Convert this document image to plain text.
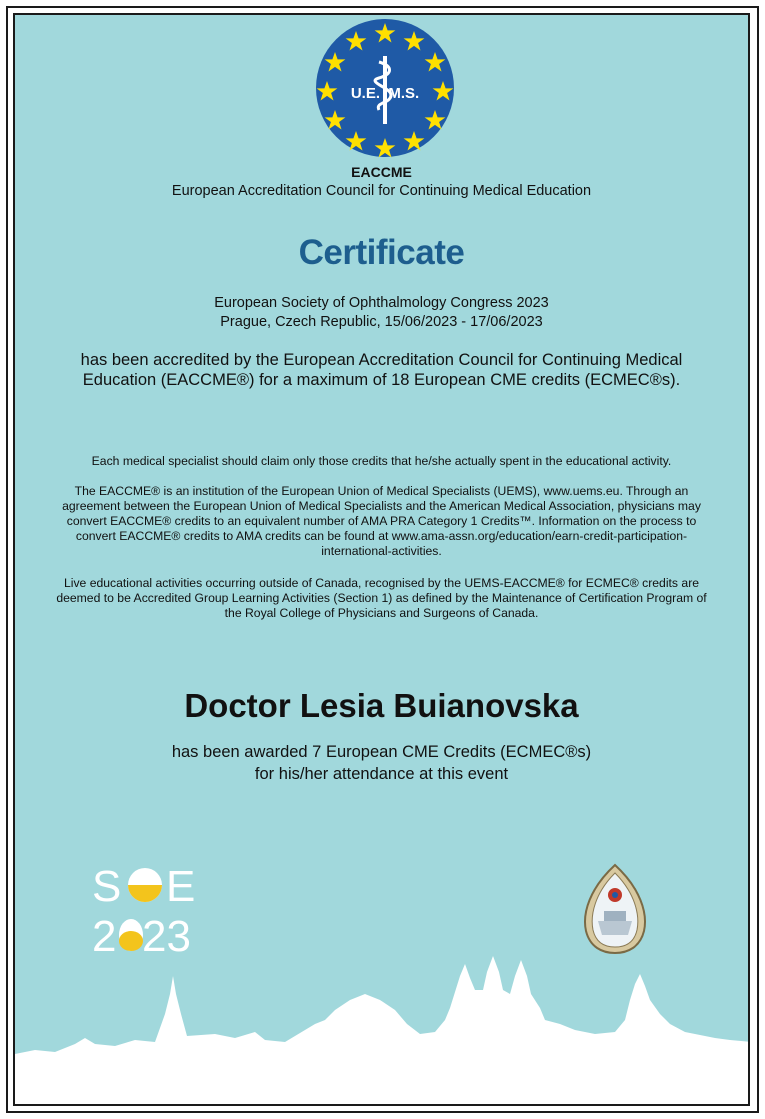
U.E.  M.S.
EACCME
European Accreditation Council for Continuing Medical Education
Certificate
European Society of Ophthalmology Congress 2023
Prague, Czech Republic, 15/06/2023 - 17/06/2023
has been accredited by the European Accreditation Council for Continuing Medical
Education (EACCME®) for a maximum of 18 European CME credits (ECMEC®s).
Each medical specialist should claim only those credits that he/she actually spent in the educational activity.
The EACCME® is an institution of the European Union of Medical Specialists (UEMS), www.uems.eu. Through an
agreement between the European Union of Medical Specialists and the American Medical Association, physicians may
convert EACCME® credits to an equivalent number of AMA PRA Category 1 Credits™. Information on the process to
convert EACCME® credits to AMA credits can be found at www.ama-assn.org/education/earn-credit-participation-
international-activities.
Live educational activities occurring outside of Canada, recognised by the UEMS-EACCME® for ECMEC® credits are
deemed to be Accredited Group Learning Activities (Section 1) as defined by the Maintenance of Certification Program of
the Royal College of Physicians and Surgeons of Canada.
Doctor Lesia Buianovska
has been awarded 7 European CME Credits (ECMEC®s)
for his/her attendance at this event
S E
2 23
